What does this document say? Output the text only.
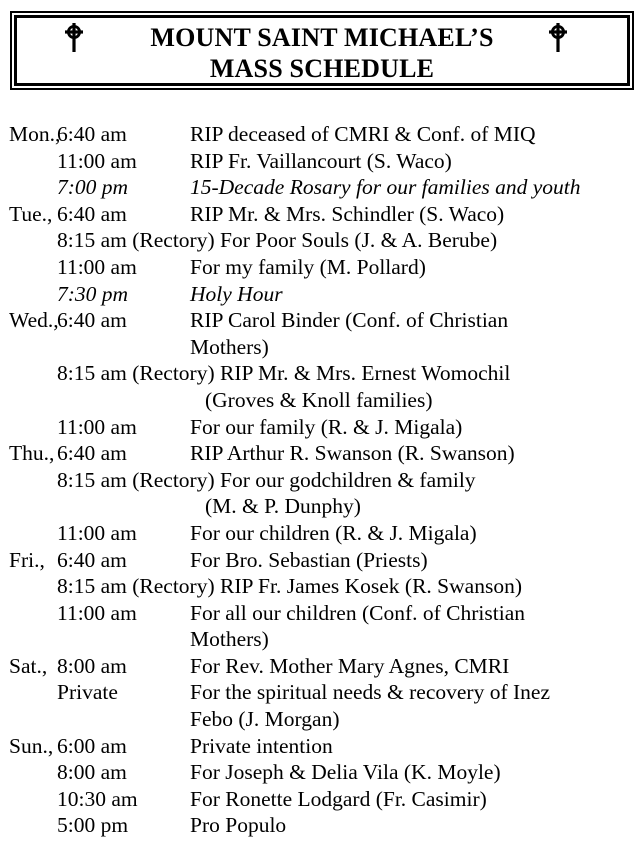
MOUNT SAINT MICHAEL’S
MASS SCHEDULE
Mon.,
6:40 am	RIP deceased of CMRI & Conf. of MIQ
11:00 am RIP Fr. Vaillancourt (S. Waco)
7:00 pm	15-Decade Rosary for our families and youth
Tue., 6:40 am	RIP Mr. & Mrs. Schindler (S. Waco)
8:15 am (Rectory) For Poor Souls (J. & A. Berube)
11:00 am For my family (M. Pollard)
7:30 pm	Holy Hour
Wed.,
6:40 am	RIP Carol Binder (Conf. of Christian
Mothers)
8:15 am (Rectory) RIP Mr. & Mrs. Ernest Womochil
(Groves & Knoll families)
11:00 am For our family (R. & J. Migala)
Thu., 6:40 am	RIP Arthur R. Swanson (R. Swanson)
8:15 am (Rectory) For our godchildren & family
(M. & P. Dunphy)
11:00 am For our children (R. & J. Migala)
Fri., 6:40 am	For Bro. Sebastian (Priests)
8:15 am (Rectory) RIP Fr. James Kosek (R. Swanson)
11:00 am For all our children (Conf. of Christian
Mothers)
Sat., 8:00 am	For Rev. Mother Mary Agnes, CMRI
Private	For the spiritual needs & recovery of Inez
Febo (J. Morgan)
Sun., 6:00 am	Private intention
8:00 am	For Joseph & Delia Vila (K. Moyle)
10:30 am For Ronette Lodgard (Fr. Casimir)
5:00 pm	Pro Populo
